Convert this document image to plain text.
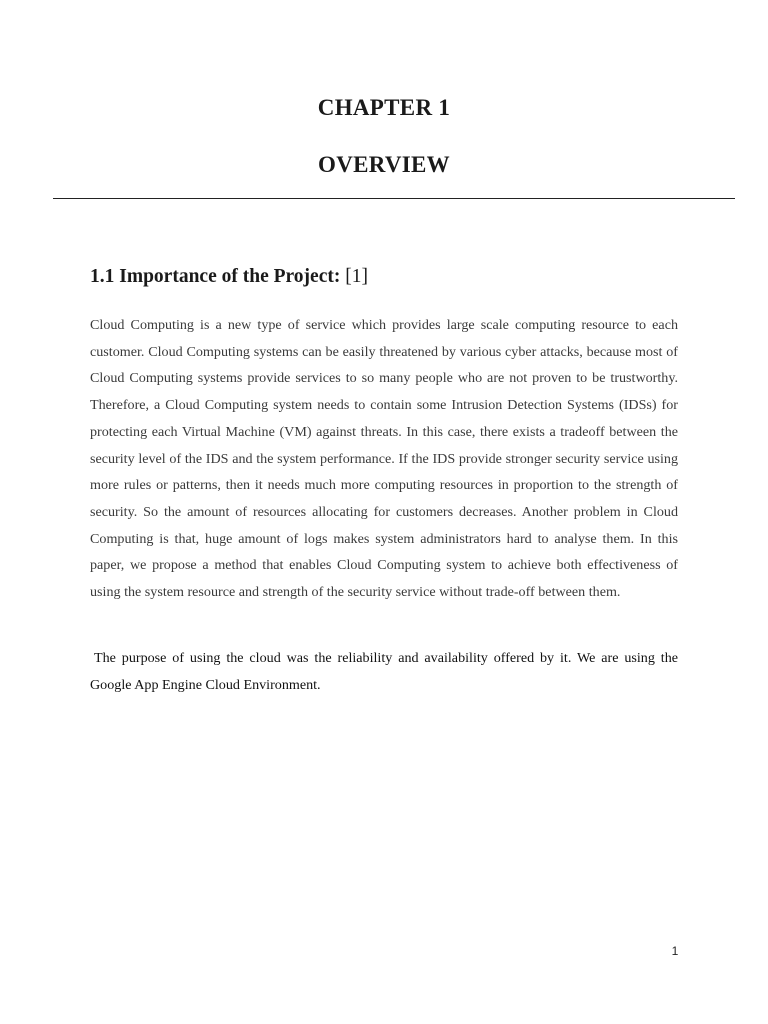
CHAPTER 1
OVERVIEW
1.1 Importance of the Project: [1]

Cloud Computing is a new type of service which provides large scale computing resource to each customer. Cloud Computing systems can be easily threatened by various cyber attacks, because most of Cloud Computing systems provide services to so many people who are not proven to be trustworthy. Therefore, a Cloud Computing system needs to contain some Intrusion Detection Systems (IDSs) for protecting each Virtual Machine (VM) against threats. In this case, there exists a tradeoff between the security level of the IDS and the system performance. If the IDS provide stronger security service using more rules or patterns, then it needs much more computing resources in proportion to the strength of security. So the amount of resources allocating for customers decreases. Another problem in Cloud Computing is that, huge amount of logs makes system administrators hard to analyse them. In this paper, we propose a method that enables Cloud Computing system to achieve both effectiveness of using the system resource and strength of the security service without trade-off between them.

The purpose of using the cloud was the reliability and availability offered by it. We are using the Google App Engine Cloud Environment.

1
